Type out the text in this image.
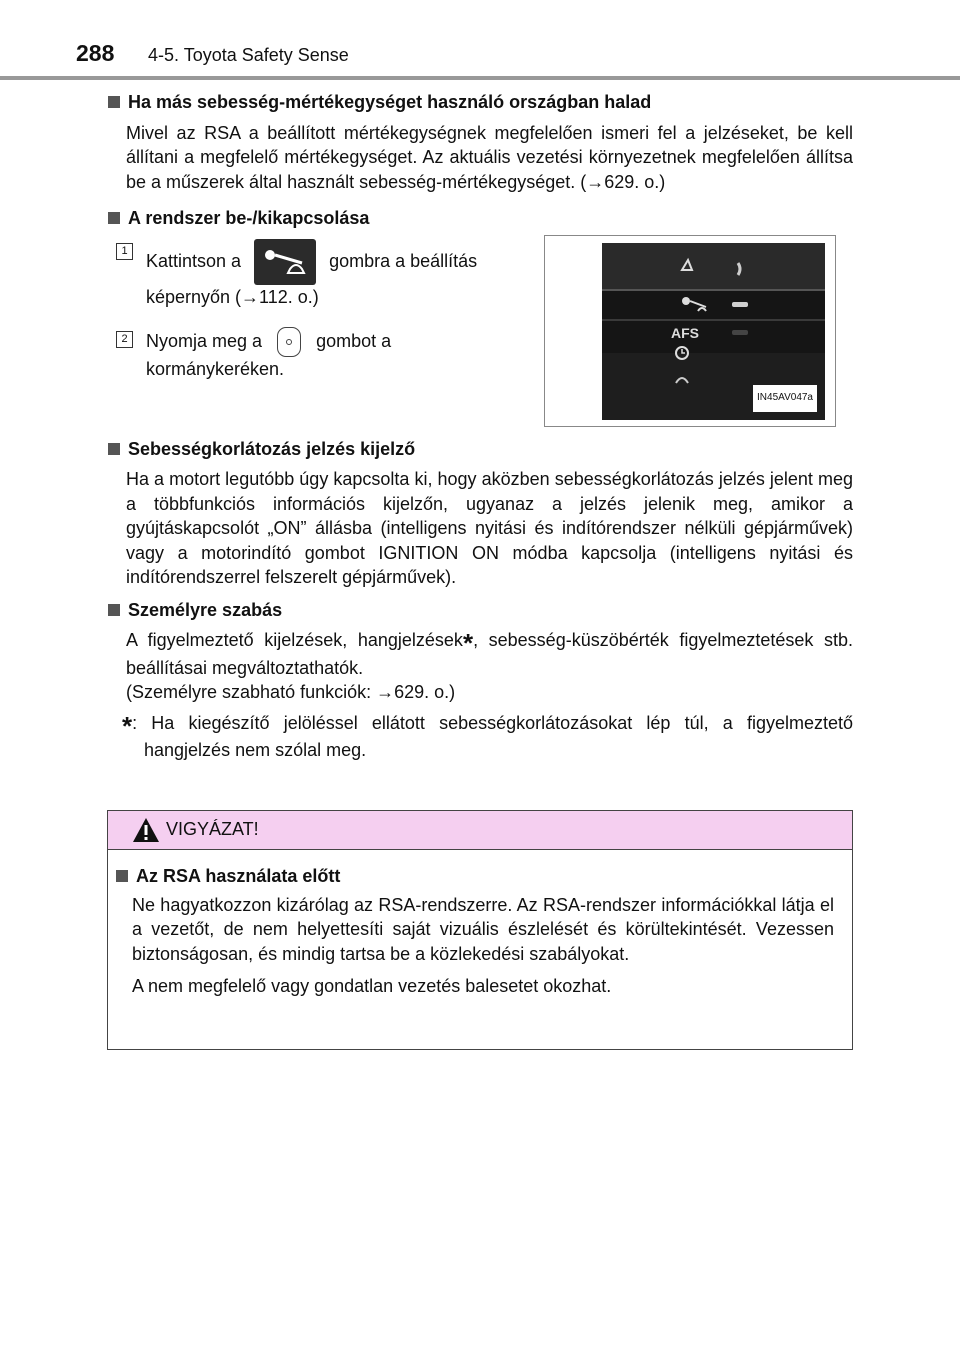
288 4-5. Toyota Safety Sense

Ha más sebesség-mértékegységet használó országban halad

Mivel az RSA a beállított mértékegységnek megfelelően ismeri fel a jelzéseket, be kell állítani a megfelelő mértékegységet. Az aktuális vezetési környezetnek megfelelően állítsa be a műszerek által használt sebesség-mértékegységet. (→629. o.)

A rendszer be-/kikapcsolása

1	Kattintson a	gombra a beállítás képernyőn (→112. o.)
2	Nyomja meg a	gombot a kormánykeréken.
AFS
IN45AV047a

Sebességkorlátozás jelzés kijelző

Ha a motort legutóbb úgy kapcsolta ki, hogy aközben sebességkorlátozás jelzés jelent meg a többfunkciós információs kijelzőn, ugyanaz a jelzés jelenik meg, amikor a gyújtáskapcsolót „ON” állásba (intelligens nyitási és indítórendszer nélküli gépjárművek) vagy a motorindító gombot IGNITION ON módba kapcsolja (intelligens nyitási és indítórendszerrel felszerelt gépjárművek).

Személyre szabás

A figyelmeztető kijelzések, hangjelzések*, sebesség-küszöbérték figyelmeztetések stb. beállításai megváltoztathatók.
(Személyre szabható funkciók: →629. o.)

*: Ha kiegészítő jelöléssel ellátott sebességkorlátozásokat lép túl, a figyelmeztető hangjelzés nem szólal meg.

VIGYÁZAT!
Az RSA használata előtt

Ne hagyatkozzon kizárólag az RSA-rendszerre. Az RSA-rendszer információkkal látja el a vezetőt, de nem helyettesíti saját vizuális észlelését és körültekintését. Vezessen biztonságosan, és mindig tartsa be a közlekedési szabályokat.

A nem megfelelő vagy gondatlan vezetés balesetet okozhat.
